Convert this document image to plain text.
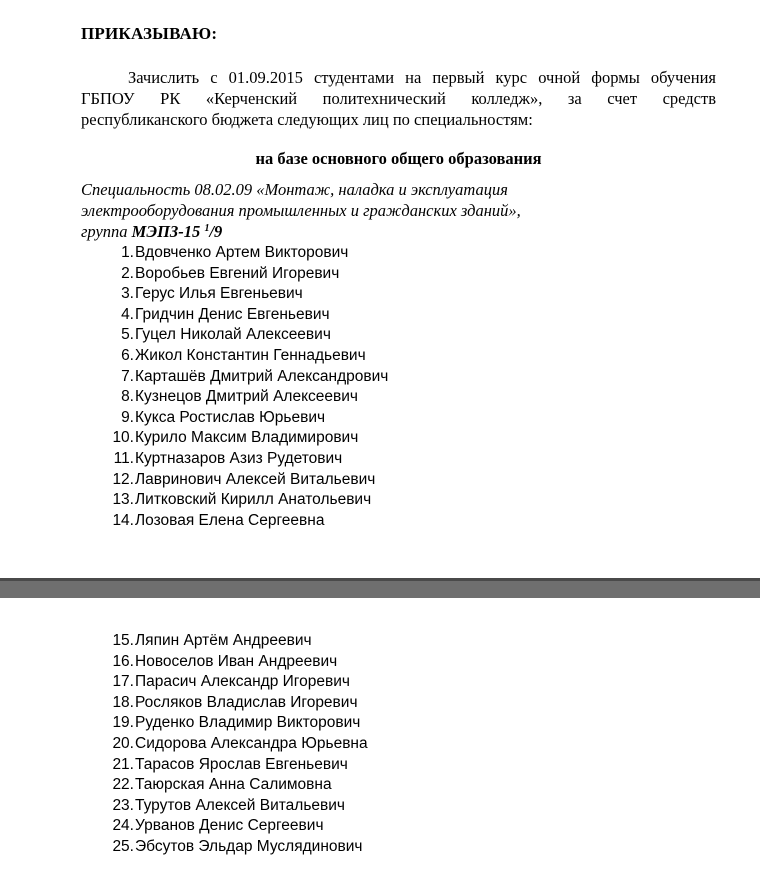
ПРИКАЗЫВАЮ:
Зачислить с 01.09.2015 студентами на первый курс очной формы обучения
ГБПОУ РК «Керченский политехнический колледж», за счет средств
республиканского бюджета следующих лиц по специальностям:
на базе основного общего образования
Специальность 08.02.09 «Монтаж, наладка и эксплуатация
электрооборудования промышленных и гражданских зданий»,
группа МЭПЗ-15 $^1$/9
1. Вдовченко Артем Викторович
2. Воробьев Евгений Игоревич
3. Герус Илья Евгеньевич
4. Гридчин Денис Евгеньевич
5. Гуцел Николай Алексеевич
6. Жикол Константин Геннадьевич
7. Карташёв Дмитрий Александрович
8. Кузнецов Дмитрий Алексеевич
9. Кукса Ростислав Юрьевич
10. Курило Максим Владимирович
11. Куртназаров Азиз Рудетович
12. Лавринович Алексей Витальевич
13. Литковский Кирилл Анатольевич
14. Лозовая Елена Сергеевна
15. Ляпин Артём Андреевич
16. Новоселов Иван Андреевич
17. Парасич Александр Игоревич
18. Росляков Владислав Игоревич
19. Руденко Владимир Викторович
20. Сидорова Александра Юрьевна
21. Тарасов Ярослав Евгеньевич
22. Таюрская Анна Салимовна
23. Турутов Алексей Витальевич
24. Урванов Денис Сергеевич
25. Эбсутов Эльдар Муслядинович
